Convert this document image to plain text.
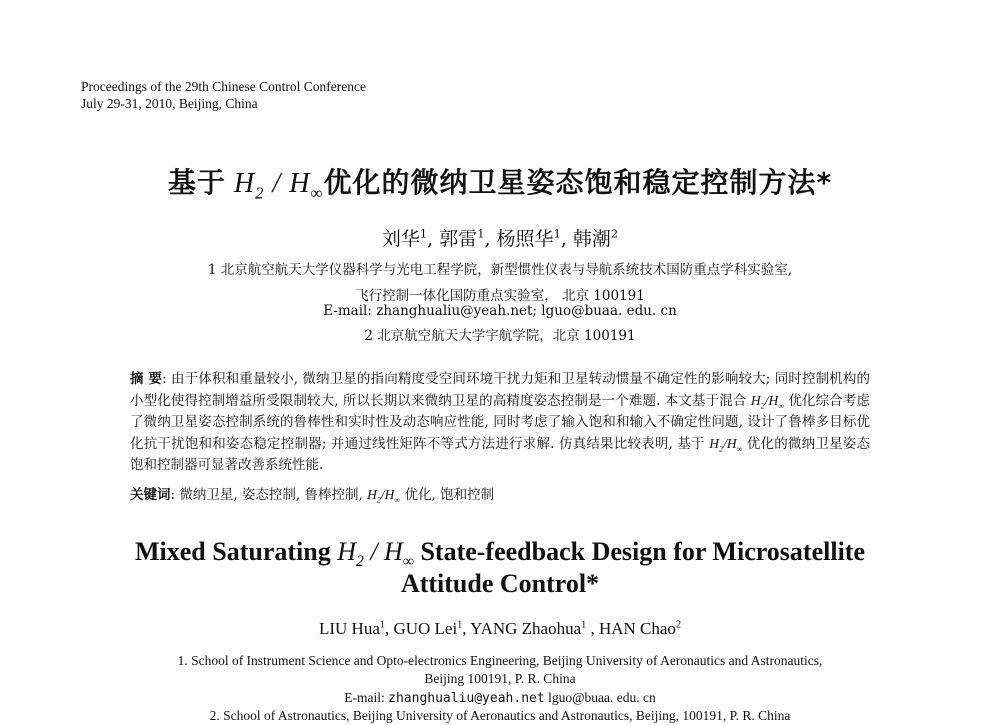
Proceedings of the 29th Chinese Control Conference
July 29-31, 2010, Beijing, China
基于 $H_2 / H_\infty$优化的微纳卫星姿态饱和稳定控制方法*
刘华$^1$, 郭雷$^1$, 杨照华$^1$, 韩潮$^2$
1 北京航空航天大学仪器科学与光电工程学院，新型惯性仪表与导航系统技术国防重点学科实验室,
飞行控制一体化国防重点实验室， 北京 100191
E-mail: zhanghualiu@yeah.net; lguo@buaa. edu. cn
2 北京航空航天大学宇航学院，北京 100191
摘 要: 由于体积和重量较小, 微纳卫星的指向精度受空间环境干扰力矩和卫星转动惯量不确定性的影响较大; 同时控制机构的小型化使得控制增益所受限制较大, 所以长期以来微纳卫星的高精度姿态控制是一个难题. 本文基于混合 $H_2/H_\infty$ 优化综合考虑了微纳卫星姿态控制系统的鲁棒性和实时性及动态响应性能, 同时考虑了输入饱和和输入不确定性问题, 设计了鲁棒多目标优化抗干扰饱和和姿态稳定控制器; 并通过线性矩阵不等式方法进行求解. 仿真结果比较表明, 基于 $H_2/H_\infty$ 优化的微纳卫星姿态饱和控制器可显著改善系统性能.
关键词: 微纳卫星, 姿态控制, 鲁棒控制, $H_2/H_\infty$ 优化, 饱和控制
Mixed Saturating $H_2 / H_\infty$ State-feedback Design for Microsatellite
Attitude Control*
LIU Hua$^1$, GUO Lei$^1$, YANG Zhaohua$^1$ , HAN Chao$^2$
1. School of Instrument Science and Opto-electronics Engineering, Beijing University of Aeronautics and Astronautics,
Beijing 100191, P. R. China
E-mail: zhanghualiu@yeah.net lguo@buaa. edu. cn
2. School of Astronautics, Beijing University of Aeronautics and Astronautics, Beijing, 100191, P. R. China
